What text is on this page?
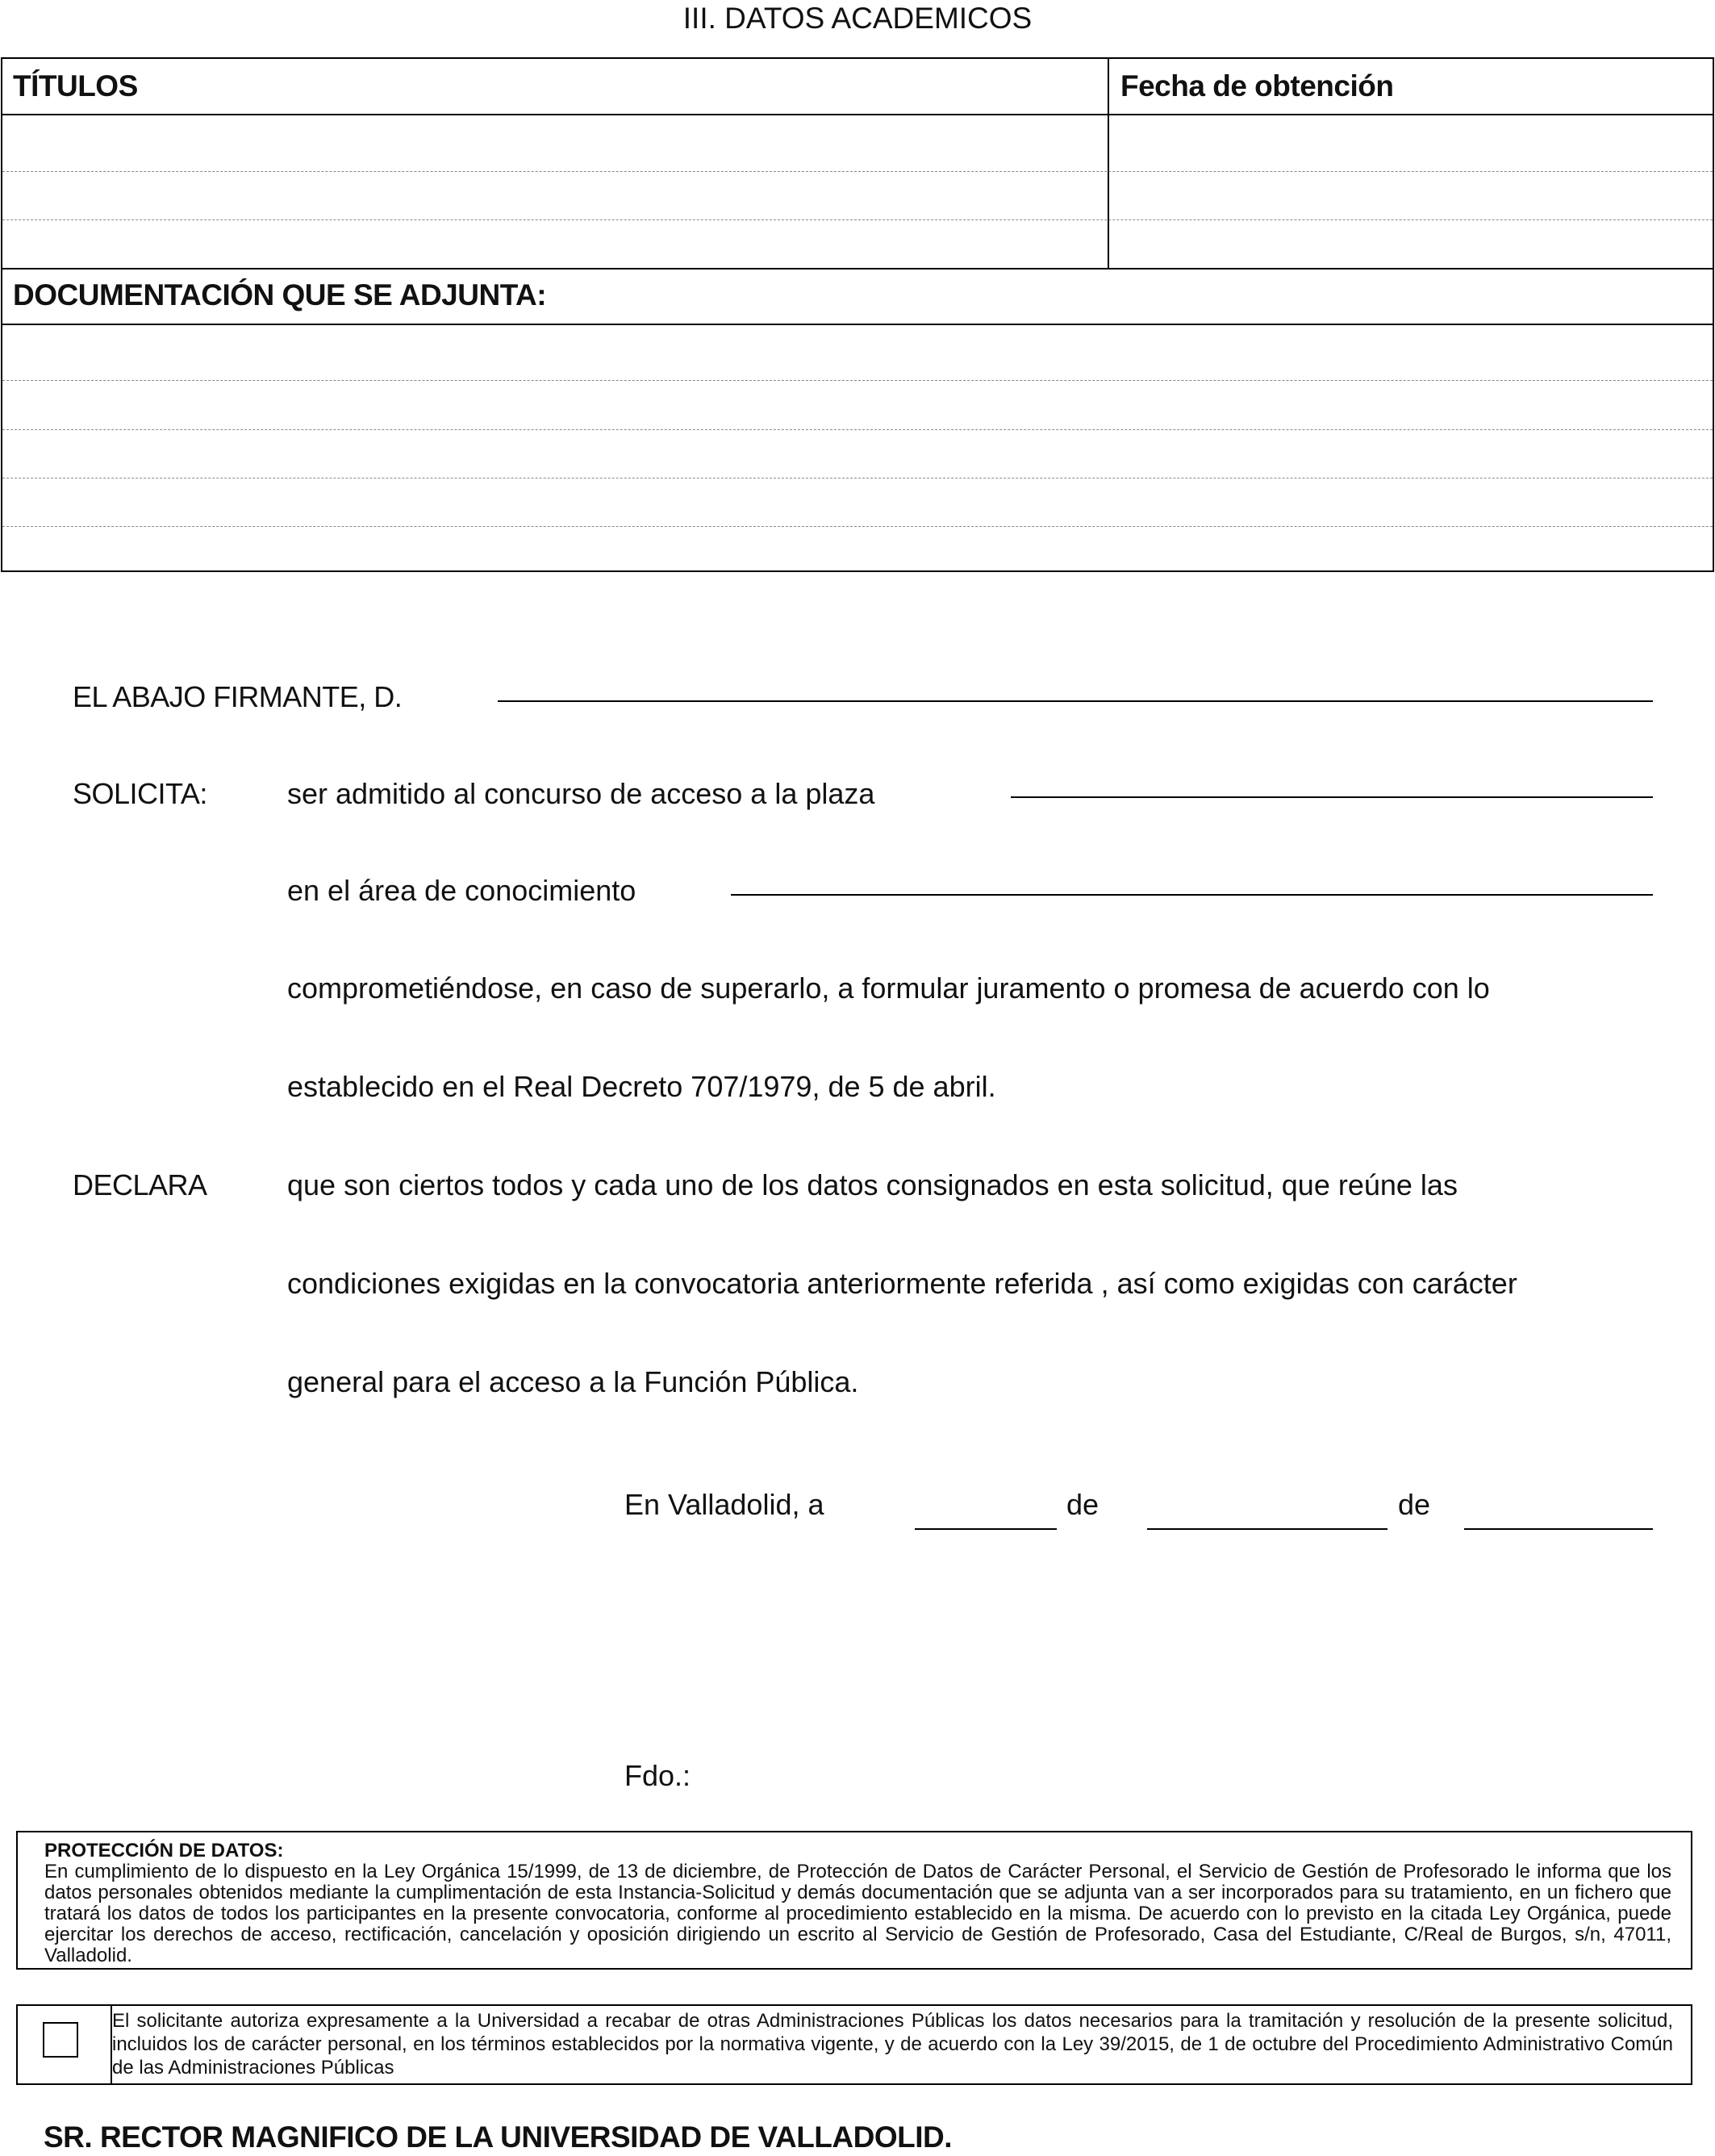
III. DATOS ACADEMICOS
TÍTULOS	Fecha de obtención
DOCUMENTACIÓN QUE SE ADJUNTA:
EL ABAJO FIRMANTE, D.
SOLICITA:	ser admitido al concurso de acceso a la plaza
en el área de conocimiento
comprometiéndose, en caso de superarlo, a formular juramento o promesa de acuerdo con lo
establecido en el Real Decreto 707/1979, de 5 de abril.
DECLARA	que son ciertos todos y cada uno de los datos consignados en esta solicitud, que reúne las
condiciones exigidas en la convocatoria anteriormente referida , así como exigidas con carácter
general para el acceso a la Función Pública.
En Valladolid, a	de	de
Fdo.:
PROTECCIÓN DE DATOS:
En cumplimiento de lo dispuesto en la Ley Orgánica 15/1999, de 13 de diciembre, de Protección de Datos de Carácter Personal, el Servicio de Gestión de Profesorado le informa que los datos personales obtenidos mediante la cumplimentación de esta Instancia-Solicitud y demás documentación que se adjunta van a ser incorporados para su tratamiento, en un fichero que tratará los datos de todos los participantes en la presente convocatoria, conforme al procedimiento establecido en la misma. De acuerdo con lo previsto en la citada Ley Orgánica, puede ejercitar los derechos de acceso, rectificación, cancelación y oposición dirigiendo un escrito al Servicio de Gestión de Profesorado, Casa del Estudiante, C/Real de Burgos, s/n, 47011, Valladolid.
El solicitante autoriza expresamente a la Universidad a recabar de otras Administraciones Públicas los datos necesarios para la tramitación y resolución de la presente solicitud, incluidos los de carácter personal, en los términos establecidos por la normativa vigente, y de acuerdo con la Ley 39/2015, de 1 de octubre del Procedimiento Administrativo Común de las Administraciones Públicas
SR. RECTOR MAGNIFICO DE LA UNIVERSIDAD DE VALLADOLID.
